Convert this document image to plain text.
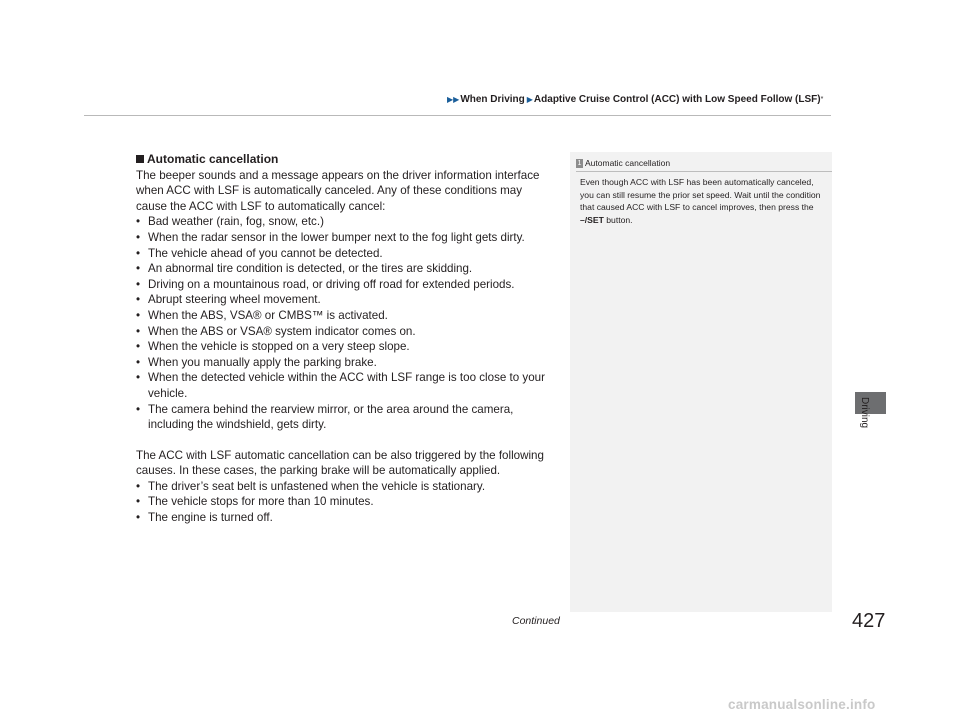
▶▶ When Driving ▶ Adaptive Cruise Control (ACC) with Low Speed Follow (LSF) *
Automatic cancellation

The beeper sounds and a message appears on the driver information interface when ACC with LSF is automatically canceled. Any of these conditions may cause the ACC with LSF to automatically cancel:

• Bad weather (rain, fog, snow, etc.)
• When the radar sensor in the lower bumper next to the fog light gets dirty.
• The vehicle ahead of you cannot be detected.
• An abnormal tire condition is detected, or the tires are skidding.
• Driving on a mountainous road, or driving off road for extended periods.
• Abrupt steering wheel movement.
• When the ABS, VSA® or CMBS™ is activated.
• When the ABS or VSA® system indicator comes on.
• When the vehicle is stopped on a very steep slope.
• When you manually apply the parking brake.
• When the detected vehicle within the ACC with LSF range is too close to your vehicle.
• The camera behind the rearview mirror, or the area around the camera, including the windshield, gets dirty.

The ACC with LSF automatic cancellation can be also triggered by the following causes. In these cases, the parking brake will be automatically applied.

• The driver’s seat belt is unfastened when the vehicle is stationary.
• The vehicle stops for more than 10 minutes.
• The engine is turned off.
1 Automatic cancellation
Even though ACC with LSF has been automatically canceled, you can still resume the prior set speed. Wait until the condition that caused ACC with LSF to cancel improves, then press the –/SET button.
Driving
Continued	427
carmanualsonline.info
